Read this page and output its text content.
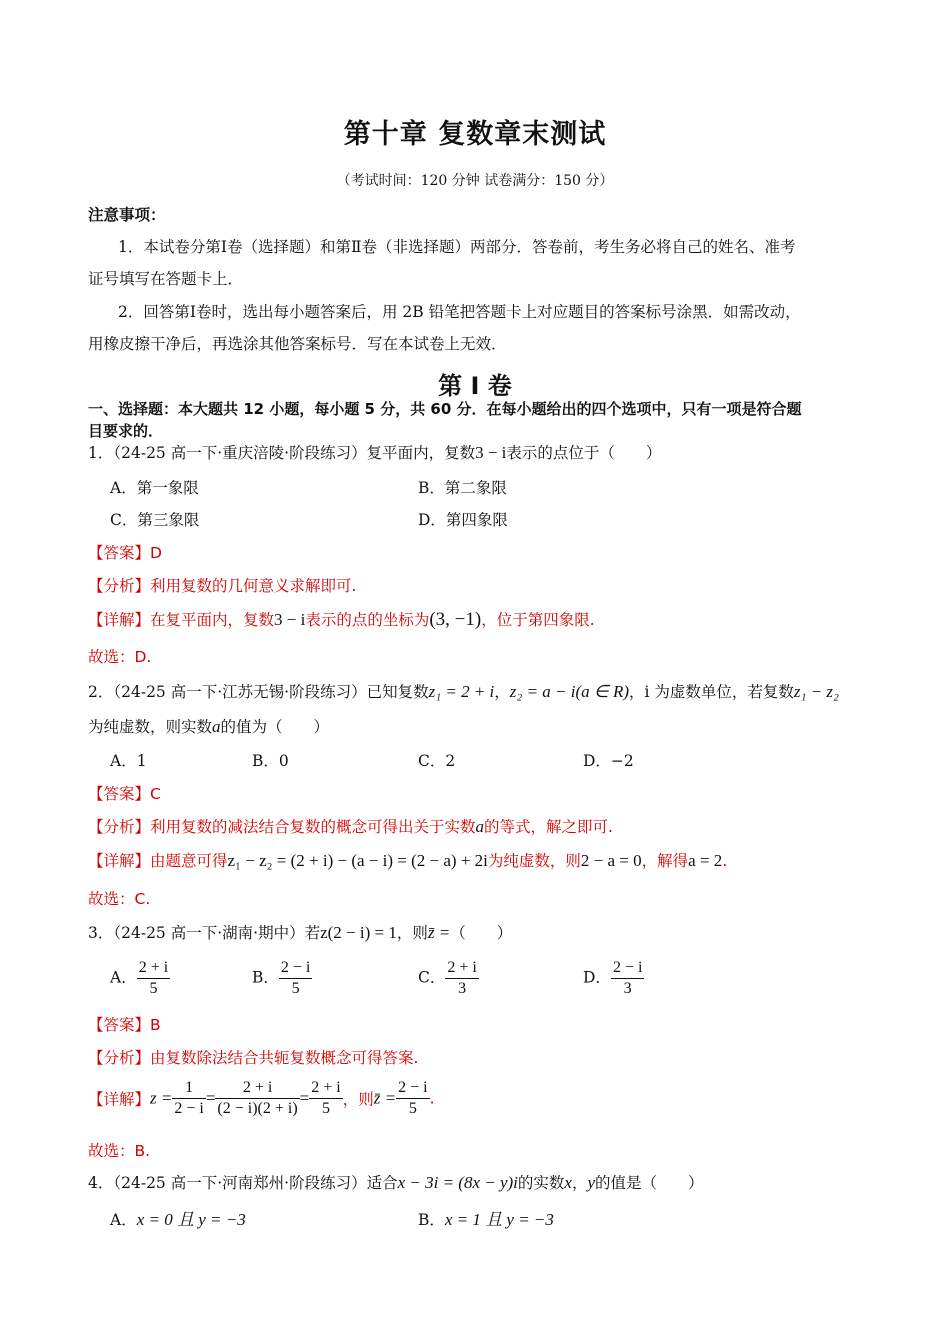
第十章 复数章末测试
（考试时间：120 分钟 试卷满分：150 分）
注意事项：
1．本试卷分第Ⅰ卷（选择题）和第Ⅱ卷（非选择题）两部分．答卷前，考生务必将自己的姓名、准考
证号填写在答题卡上．
2．回答第Ⅰ卷时，选出每小题答案后，用 2B 铅笔把答题卡上对应题目的答案标号涂黑．如需改动，
用橡皮擦干净后，再选涂其他答案标号．写在本试卷上无效．
第 I 卷
一、选择题：本大题共 12 小题，每小题 5 分，共 60 分．在每小题给出的四个选项中，只有一项是符合题
目要求的．
1．（24-25 高一下·重庆涪陵·阶段练习）复平面内，复数3 − i表示的点位于（　　）
A．第一象限	B．第二象限
C．第三象限	D．第四象限
【答案】D
【分析】利用复数的几何意义求解即可.
【详解】在复平面内，复数3 − i表示的点的坐标为(3, −1)，位于第四象限.
故选：D.
2．（24-25 高一下·江苏无锡·阶段练习）已知复数z₁ = 2 + i，z₂ = a − i(a ∈ R)，i 为虚数单位，若复数z₁ − z₂
为纯虚数，则实数a的值为（　　）
A．1	B．0	C．2	D．−2
【答案】C
【分析】利用复数的减法结合复数的概念可得出关于实数a的等式，解之即可.
【详解】由题意可得z₁ − z₂ = (2 + i) − (a − i) = (2 − a) + 2i为纯虚数，则2 − a = 0，解得a = 2.
故选：C.
3．（24-25 高一下·湖南·期中）若z(2 − i) = 1，则z̄ =（　　）
A． $\frac{2 + i}{5}$	B． $\frac{2 - i}{5}$	C． $\frac{2 + i}{3}$	D． $\frac{2 - i}{3}$
【答案】B
【分析】由复数除法结合共轭复数概念可得答案.
【详解】$z = \frac{1}{2 - i} = \frac{2 + i}{(2 - i)(2 + i)} = \frac{2 + i}{5}$ ，则z̄ = $\frac{2 - i}{5}$ .
故选：B.
4．（24-25 高一下·河南郑州·阶段练习）适合x − 3i = (8x − y)i的实数x，y的值是（　　）
A．x = 0 且 y = −3	B．x = 1 且 y = −3
